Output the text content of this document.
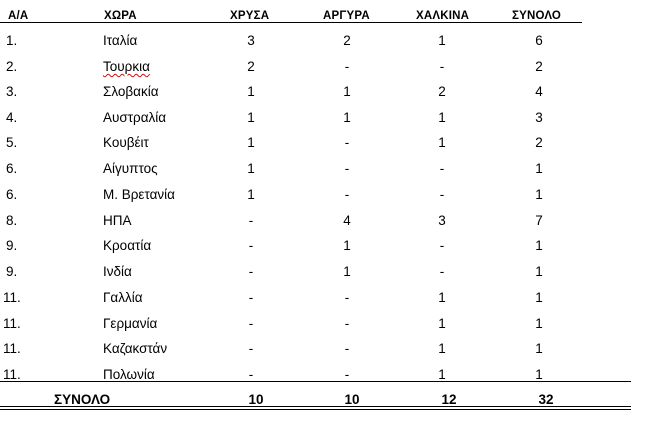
Α/Α	ΧΩΡΑ	ΧΡΥΣΑ	ΑΡΓΥΡΑ	ΧΑΛΚΙΝΑ	ΣΥΝΟΛΟ
1.	Ιταλία	3	2	1	6
2.	Τουρκια	2	-	-	2
3.	Σλοβακία	1	1	2	4
4.	Αυστραλία	1	1	1	3
5.	Κουβέιτ	1	-	1	2
6.	Αίγυπτος	1	-	-	1
6.	Μ. Βρετανία	1	-	-	1
8.	ΗΠΑ	-	4	3	7
9.	Κροατία	-	1	-	1
9.	Ινδία	-	1	-	1
11.	Γαλλία	-	-	1	1
11.	Γερμανία	-	-	1	1
11.	Καζακστάν	-	-	1	1
11.	Πολωνία	-	-	1	1
ΣΥΝΟΛΟ	10	10	12	32
